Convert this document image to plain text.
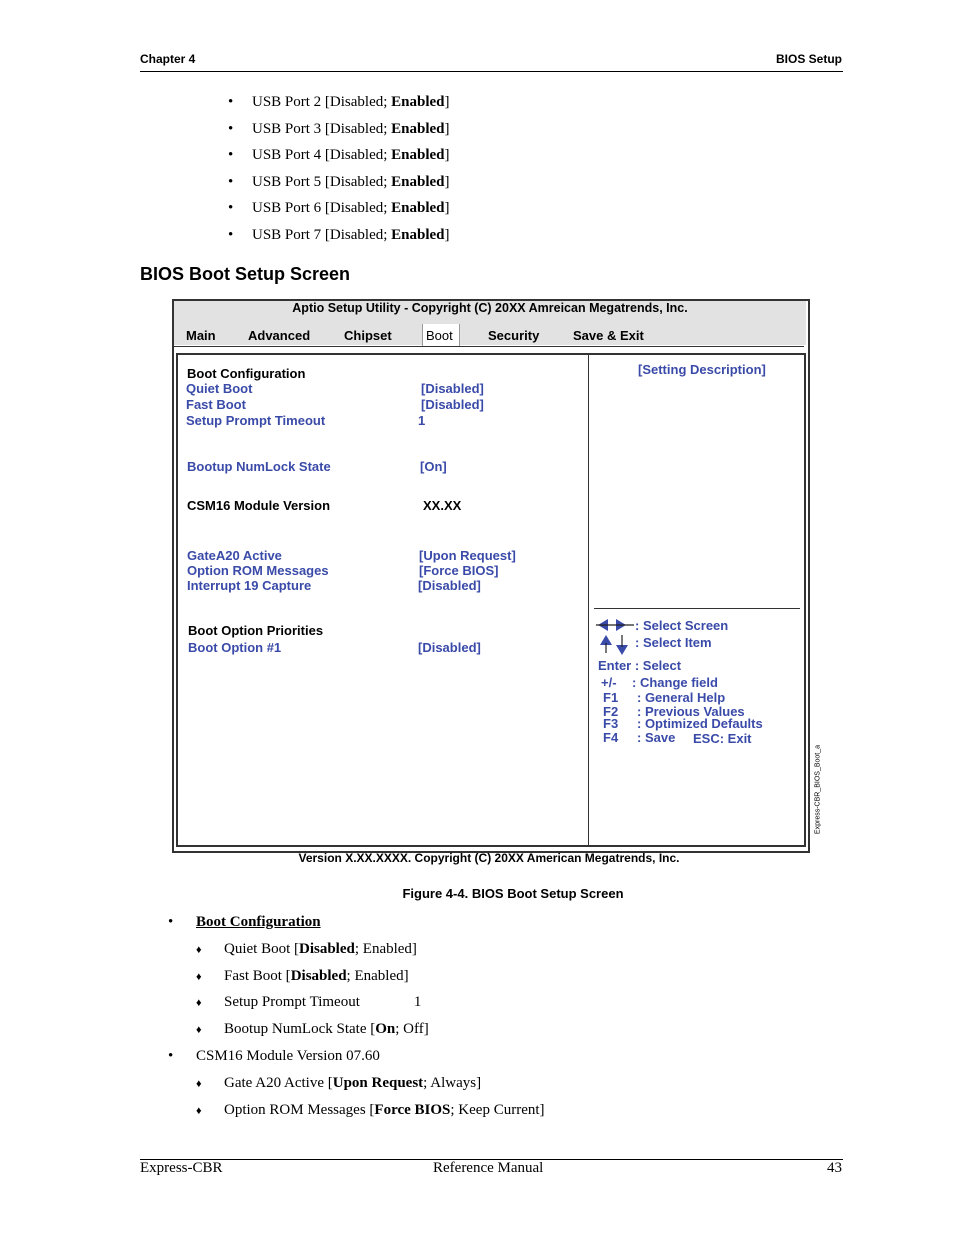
Chapter 4	BIOS Setup
• USB Port 2 [Disabled; Enabled]
• USB Port 3 [Disabled; Enabled]
• USB Port 4 [Disabled; Enabled]
• USB Port 5 [Disabled; Enabled]
• USB Port 6 [Disabled; Enabled]
• USB Port 7 [Disabled; Enabled]
BIOS Boot Setup Screen
Aptio Setup Utility - Copyright (C) 20XX Amreican Megatrends, Inc.
Main Advanced	Chipset	Boot	Security	Save & Exit
Boot Configuration
Quiet Boot	[Disabled]
Fast Boot	[Disabled]
Setup Prompt Timeout	1
Bootup NumLock State	[On]
CSM16 Module Version	XX.XX
GateA20 Active	[Upon Request]
Option ROM Messages	[Force BIOS]
Interrupt 19 Capture	[Disabled]
Boot Option Priorities
Boot Option #1	[Disabled]
[Setting Description]
: Select Screen
: Select Item
Enter : Select
+/- : Change field
F1 : General Help
F2 : Previous Values
F3 : Optimized Defaults
F4 : Save ESC: Exit
Express-CBR_BIOS_Boot_a
Version X.XX.XXXX. Copyright (C) 20XX American Megatrends, Inc.
Figure 4-4. BIOS Boot Setup Screen
• Boot Configuration
♦ Quiet Boot [Disabled; Enabled]
♦ Fast Boot [Disabled; Enabled]
♦ Setup Prompt Timeout	1
♦ Bootup NumLock State [On; Off]
• CSM16 Module Version 07.60
♦ Gate A20 Active [Upon Request; Always]
♦ Option ROM Messages [Force BIOS; Keep Current]
Express-CBR	Reference Manual	43
